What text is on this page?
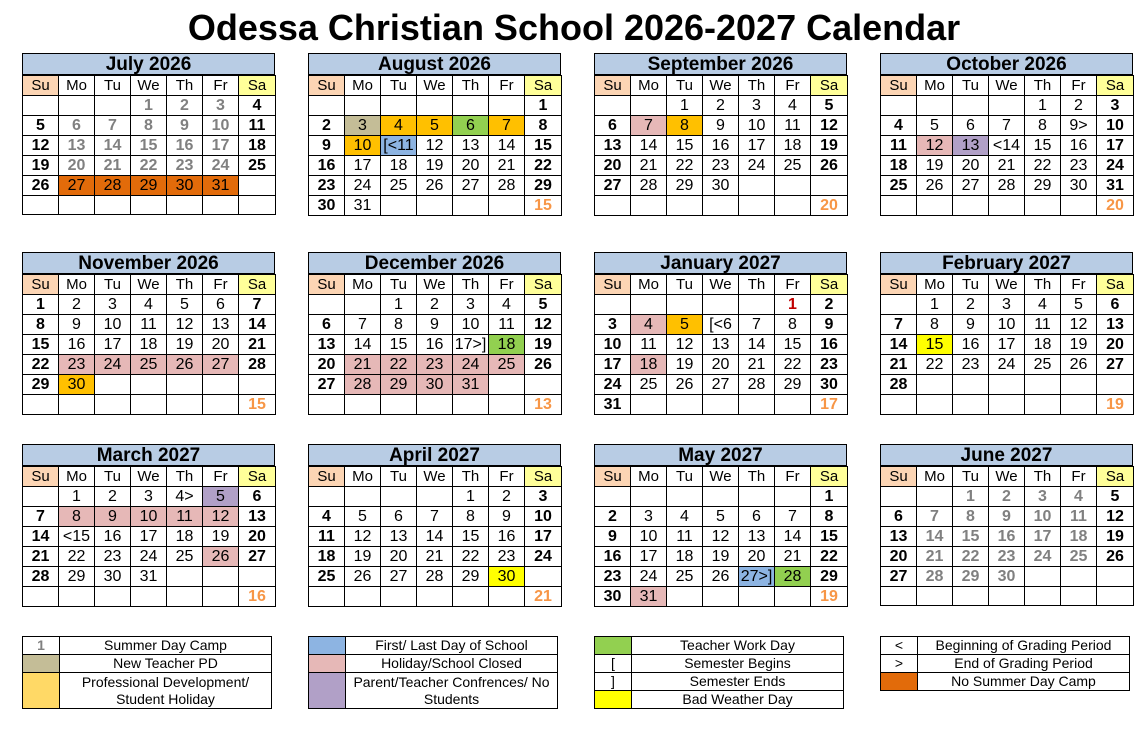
Odessa Christian School 2026-2027 Calendar
July 2026
Su	Mo	Tu	We	Th	Fr	Sa
			1	2	3	4
5	6	7	8	9	10	11
12	13	14	15	16	17	18
19	20	21	22	23	24	25
26	27	28	29	30	31	

August 2026
Su	Mo	Tu	We	Th	Fr	Sa
						1
2	3	4	5	6	7	8
9	10	[<11	12	13	14	15
16	17	18	19	20	21	22
23	24	25	26	27	28	29
30	31					15
September 2026
Su	Mo	Tu	We	Th	Fr	Sa
		1	2	3	4	5
6	7	8	9	10	11	12
13	14	15	16	17	18	19
20	21	22	23	24	25	26
27	28	29	30			
						20
October 2026
Su	Mo	Tu	We	Th	Fr	Sa
				1	2	3
4	5	6	7	8	9>	10
11	12	13	<14	15	16	17
18	19	20	21	22	23	24
25	26	27	28	29	30	31
						20
November 2026
Su	Mo	Tu	We	Th	Fr	Sa
1	2	3	4	5	6	7
8	9	10	11	12	13	14
15	16	17	18	19	20	21
22	23	24	25	26	27	28
29	30					
						15
December 2026
Su	Mo	Tu	We	Th	Fr	Sa
		1	2	3	4	5
6	7	8	9	10	11	12
13	14	15	16	17>]	18	19
20	21	22	23	24	25	26
27	28	29	30	31		
						13
January 2027
Su	Mo	Tu	We	Th	Fr	Sa
					1	2
3	4	5	[<6	7	8	9
10	11	12	13	14	15	16
17	18	19	20	21	22	23
24	25	26	27	28	29	30
31						17
February 2027
Su	Mo	Tu	We	Th	Fr	Sa
	1	2	3	4	5	6
7	8	9	10	11	12	13
14	15	16	17	18	19	20
21	22	23	24	25	26	27
28						
						19
March 2027
Su	Mo	Tu	We	Th	Fr	Sa
	1	2	3	4>	5	6
7	8	9	10	11	12	13
14	<15	16	17	18	19	20
21	22	23	24	25	26	27
28	29	30	31			
						16
April 2027
Su	Mo	Tu	We	Th	Fr	Sa
				1	2	3
4	5	6	7	8	9	10
11	12	13	14	15	16	17
18	19	20	21	22	23	24
25	26	27	28	29	30	
						21
May 2027
Su	Mo	Tu	We	Th	Fr	Sa
						1
2	3	4	5	6	7	8
9	10	11	12	13	14	15
16	17	18	19	20	21	22
23	24	25	26	27>]	28	29
30	31					19
June 2027
Su	Mo	Tu	We	Th	Fr	Sa
		1	2	3	4	5
6	7	8	9	10	11	12
13	14	15	16	17	18	19
20	21	22	23	24	25	26
27	28	29	30			

1	Summer Day Camp
	New Teacher PD
	Professional Development/ Student Holiday
	First/ Last Day of School
	Holiday/School Closed
	Parent/Teacher Confrences/ No Students
	Teacher Work Day
[	Semester Begins
]	Semester Ends
	Bad Weather Day
<	Beginning of Grading Period
>	End of Grading Period
	No Summer Day Camp
